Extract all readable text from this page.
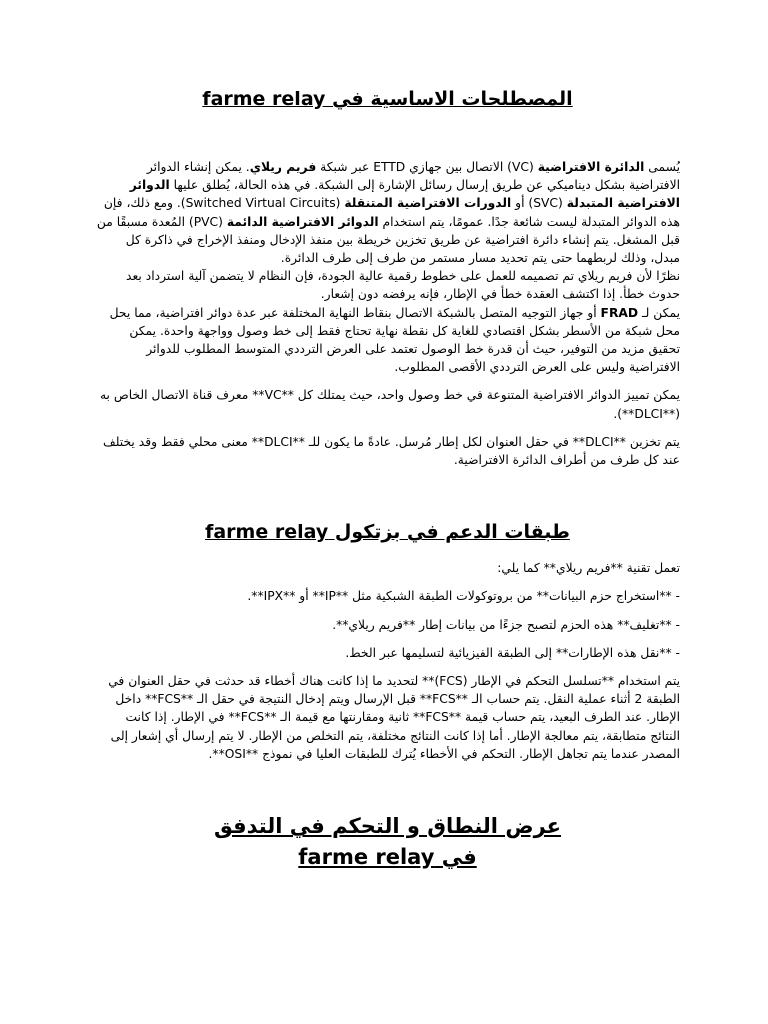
المصطلحات الاساسية في farme relay

يُسمى الدائرة الافتراضية (VC) الاتصال بين جهازي ETTD عبر شبكة فريم ريلاي. يمكن إنشاء الدوائر الافتراضية بشكل ديناميكي عن طريق إرسال رسائل الإشارة إلى الشبكة. في هذه الحالة، يُطلق عليها الدوائر الافتراضية المتبدلة (SVC) أو الدورات الافتراضية المتنقلة (Switched Virtual Circuits). ومع ذلك، فإن هذه الدوائر المتبدلة ليست شائعة جدًا. عمومًا، يتم استخدام الدوائر الافتراضية الدائمة (PVC) المُعدة مسبقًا من قبل المشغل. يتم إنشاء دائرة افتراضية عن طريق تخزين خريطة بين منفذ الإدخال ومنفذ الإخراج في ذاكرة كل مبدل، وذلك لربطهما حتى يتم تحديد مسار مستمر من طرف إلى طرف الدائرة.

نظرًا لأن فريم ريلاي تم تصميمه للعمل على خطوط رقمية عالية الجودة، فإن النظام لا يتضمن آلية استرداد بعد حدوث خطأ. إذا اكتشف العقدة خطأ في الإطار، فإنه يرفضه دون إشعار.

يمكن لـ FRAD أو جهاز التوجيه المتصل بالشبكة الاتصال بنقاط النهاية المختلفة عبر عدة دوائر افتراضية، مما يحل محل شبكة من الأسطر بشكل اقتصادي للغاية كل نقطة نهاية تحتاج فقط إلى خط وصول وواجهة واحدة. يمكن تحقيق مزيد من التوفير، حيث أن قدرة خط الوصول تعتمد على العرض الترددي المتوسط المطلوب للدوائر الافتراضية وليس على العرض الترددي الأقصى المطلوب.

يمكن تمييز الدوائر الافتراضية المتنوعة في خط وصول واحد، حيث يمتلك كل **VC** معرف قناة الاتصال الخاص به (**DLCI**).

يتم تخزين **DLCI** في حقل العنوان لكل إطار مُرسل. عادةً ما يكون للـ **DLCI** معنى محلي فقط وقد يختلف عند كل طرف من أطراف الدائرة الافتراضية.

طبقات الدعم في بزتكول farme relay

تعمل تقنية **فريم ريلاي** كما يلي:

- **استخراج حزم البيانات** من بروتوكولات الطبقة الشبكية مثل **IP** أو **IPX**.

- **تغليف** هذه الحزم لتصبح جزءًا من بيانات إطار **فريم ريلاي**.

- **نقل هذه الإطارات** إلى الطبقة الفيزيائية لتسليمها عبر الخط.

يتم استخدام **تسلسل التحكم في الإطار (FCS)** لتحديد ما إذا كانت هناك أخطاء قد حدثت في حقل العنوان في الطبقة 2 أثناء عملية النقل. يتم حساب الـ **FCS** قبل الإرسال ويتم إدخال النتيجة في حقل الـ **FCS** داخل الإطار. عند الطرف البعيد، يتم حساب قيمة **FCS** ثانية ومقارنتها مع قيمة الـ **FCS** في الإطار. إذا كانت النتائج متطابقة، يتم معالجة الإطار. أما إذا كانت النتائج مختلفة، يتم التخلص من الإطار. لا يتم إرسال أي إشعار إلى المصدر عندما يتم تجاهل الإطار. التحكم في الأخطاء يُترك للطبقات العليا في نموذج **OSI**.

عرض النطاق و التحكم في التدفق في farme relay
